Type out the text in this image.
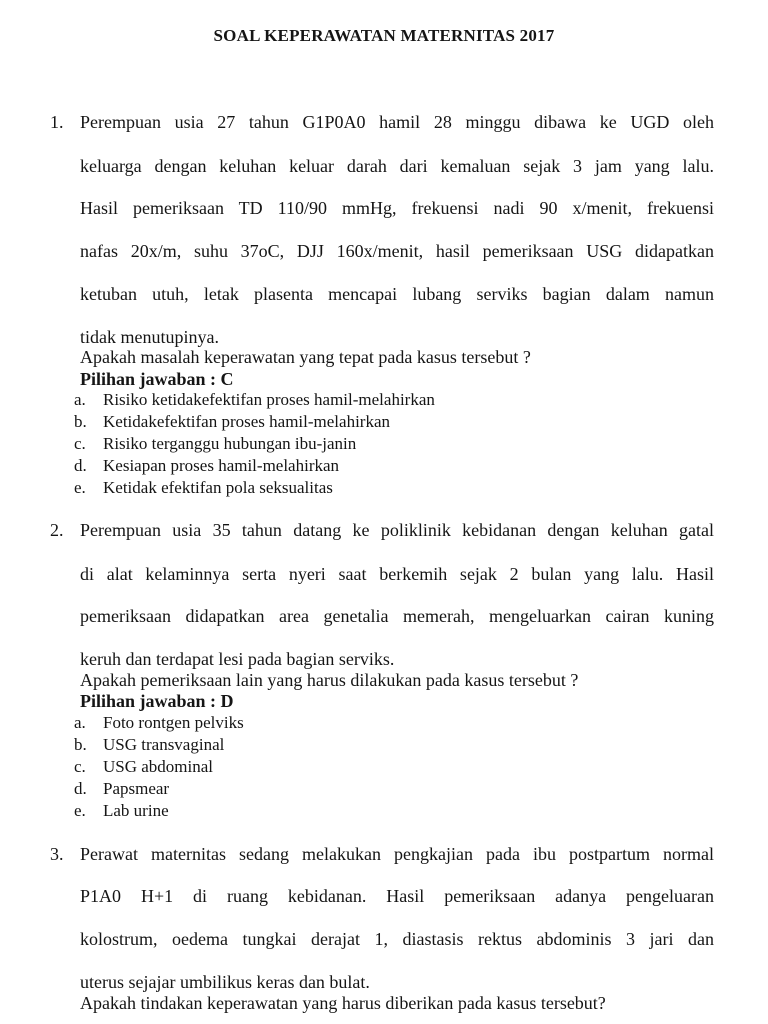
SOAL KEPERAWATAN MATERNITAS 2017
1. Perempuan usia 27 tahun G1P0A0 hamil 28 minggu dibawa ke UGD oleh
keluarga dengan keluhan keluar darah dari kemaluan sejak 3 jam yang lalu.
Hasil pemeriksaan TD 110/90 mmHg, frekuensi nadi 90 x/menit, frekuensi
nafas 20x/m, suhu 37oC, DJJ 160x/menit, hasil pemeriksaan USG didapatkan
ketuban utuh, letak plasenta mencapai lubang serviks bagian dalam namun
tidak menutupinya.
Apakah masalah keperawatan yang tepat pada kasus tersebut ?
Pilihan jawaban : C
a. Risiko ketidakefektifan proses hamil-melahirkan
b. Ketidakefektifan proses hamil-melahirkan
c. Risiko terganggu hubungan ibu-janin
d. Kesiapan proses hamil-melahirkan
e. Ketidak efektifan pola seksualitas
2. Perempuan usia 35 tahun datang ke poliklinik kebidanan dengan keluhan gatal
di alat kelaminnya serta nyeri saat berkemih sejak 2 bulan yang lalu. Hasil
pemeriksaan didapatkan area genetalia memerah, mengeluarkan cairan kuning
keruh dan terdapat lesi pada bagian serviks.
Apakah pemeriksaan lain yang harus dilakukan pada kasus tersebut ?
Pilihan jawaban : D
a. Foto rontgen pelviks
b. USG transvaginal
c. USG abdominal
d. Papsmear
e. Lab urine
3. Perawat maternitas sedang melakukan pengkajian pada ibu postpartum normal
P1A0 H+1 di ruang kebidanan. Hasil pemeriksaan adanya pengeluaran
kolostrum, oedema tungkai derajat 1, diastasis rektus abdominis 3 jari dan
uterus sejajar umbilikus keras dan bulat.
Apakah tindakan keperawatan yang harus diberikan pada kasus tersebut?
